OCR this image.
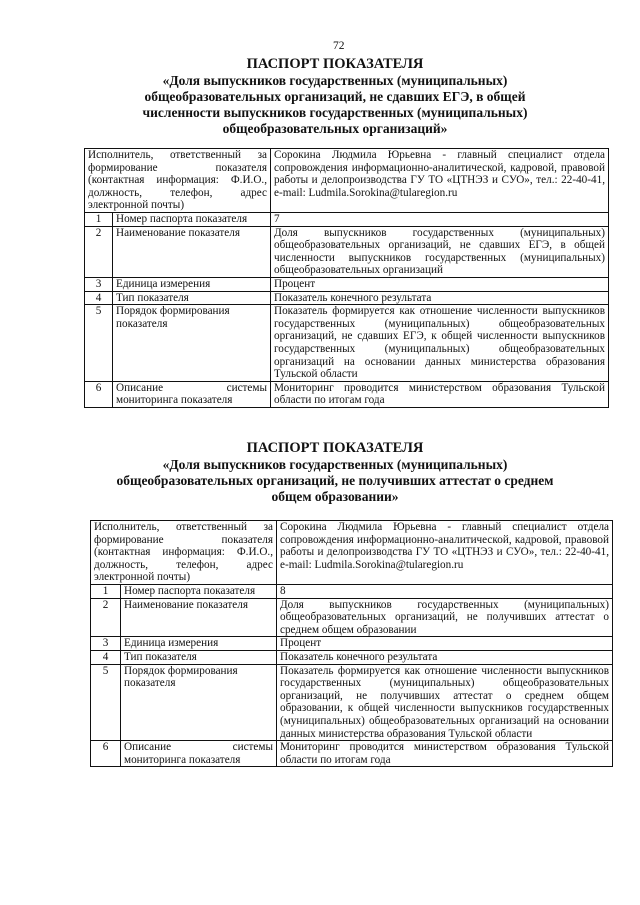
72
ПАСПОРТ ПОКАЗАТЕЛЯ
«Доля выпускников государственных (муниципальных)
общеобразовательных организаций, не сдавших ЕГЭ, в общей
численности выпускников государственных (муниципальных)
общеобразовательных организаций»
Исполнитель, ответственный за формирование показателя (контактная информация: Ф.И.О., должность, телефон, адрес электронной почты)		Сорокина Людмила Юрьевна - главный специалист отдела сопровождения информационно-аналитической, кадровой, правовой работы и делопроизводства ГУ ТО «ЦТНЭЗ и СУО», тел.: 22-40-41, e-mail: Ludmila.Sorokina@tularegion.ru
1	Номер паспорта показателя	7
2	Наименование показателя	Доля выпускников государственных (муниципальных) общеобразовательных организаций, не сдавших ЕГЭ, в общей численности выпускников государственных (муниципальных) общеобразовательных организаций
3	Единица измерения	Процент
4	Тип показателя	Показатель конечного результата
5	Порядок формирования показателя	Показатель формируется как отношение численности выпускников государственных (муниципальных) общеобразовательных организаций, не сдавших ЕГЭ, к общей численности выпускников государственных (муниципальных) общеобразовательных организаций на основании данных министерства образования Тульской области
6	Описание системы мониторинга показателя	Мониторинг проводится министерством образования Тульской области по итогам года
ПАСПОРТ ПОКАЗАТЕЛЯ
«Доля выпускников государственных (муниципальных)
общеобразовательных организаций, не получивших аттестат о среднем
общем образовании»
Исполнитель, ответственный за формирование показателя (контактная информация: Ф.И.О., должность, телефон, адрес электронной почты)		Сорокина Людмила Юрьевна - главный специалист отдела сопровождения информационно-аналитической, кадровой, правовой работы и делопроизводства ГУ ТО «ЦТНЭЗ и СУО», тел.: 22-40-41, e-mail: Ludmila.Sorokina@tularegion.ru
1	Номер паспорта показателя	8
2	Наименование показателя	Доля выпускников государственных (муниципальных) общеобразовательных организаций, не получивших аттестат о среднем общем образовании
3	Единица измерения	Процент
4	Тип показателя	Показатель конечного результата
5	Порядок формирования показателя	Показатель формируется как отношение численности выпускников государственных (муниципальных) общеобразовательных организаций, не получивших аттестат о среднем общем образовании, к общей численности выпускников государственных (муниципальных) общеобразовательных организаций на основании данных министерства образования Тульской области
6	Описание системы мониторинга показателя	Мониторинг проводится министерством образования Тульской области по итогам года
